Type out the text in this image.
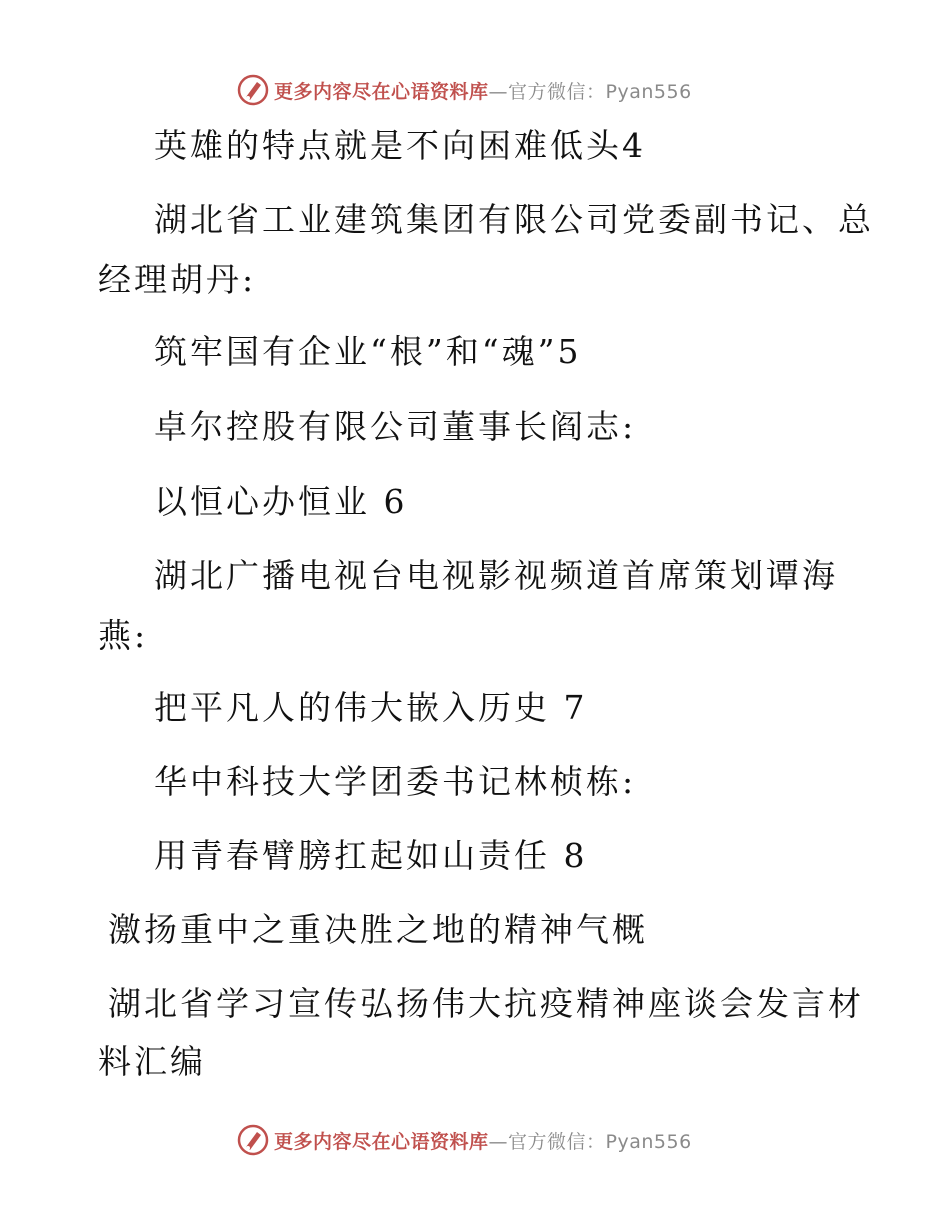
更多内容尽在心语资料库—官方微信：Pyan556
英雄的特点就是不向困难低头4
湖北省工业建筑集团有限公司党委副书记、总
经理胡丹:
筑牢国有企业“根”和“魂”5
卓尔控股有限公司董事长阎志:
以恒心办恒业 6
湖北广播电视台电视影视频道首席策划谭海
燕:
把平凡人的伟大嵌入历史 7
华中科技大学团委书记林桢栋:
用青春臂膀扛起如山责任 8
激扬重中之重决胜之地的精神气概
湖北省学习宣传弘扬伟大抗疫精神座谈会发言材
料汇编
更多内容尽在心语资料库—官方微信：Pyan556
